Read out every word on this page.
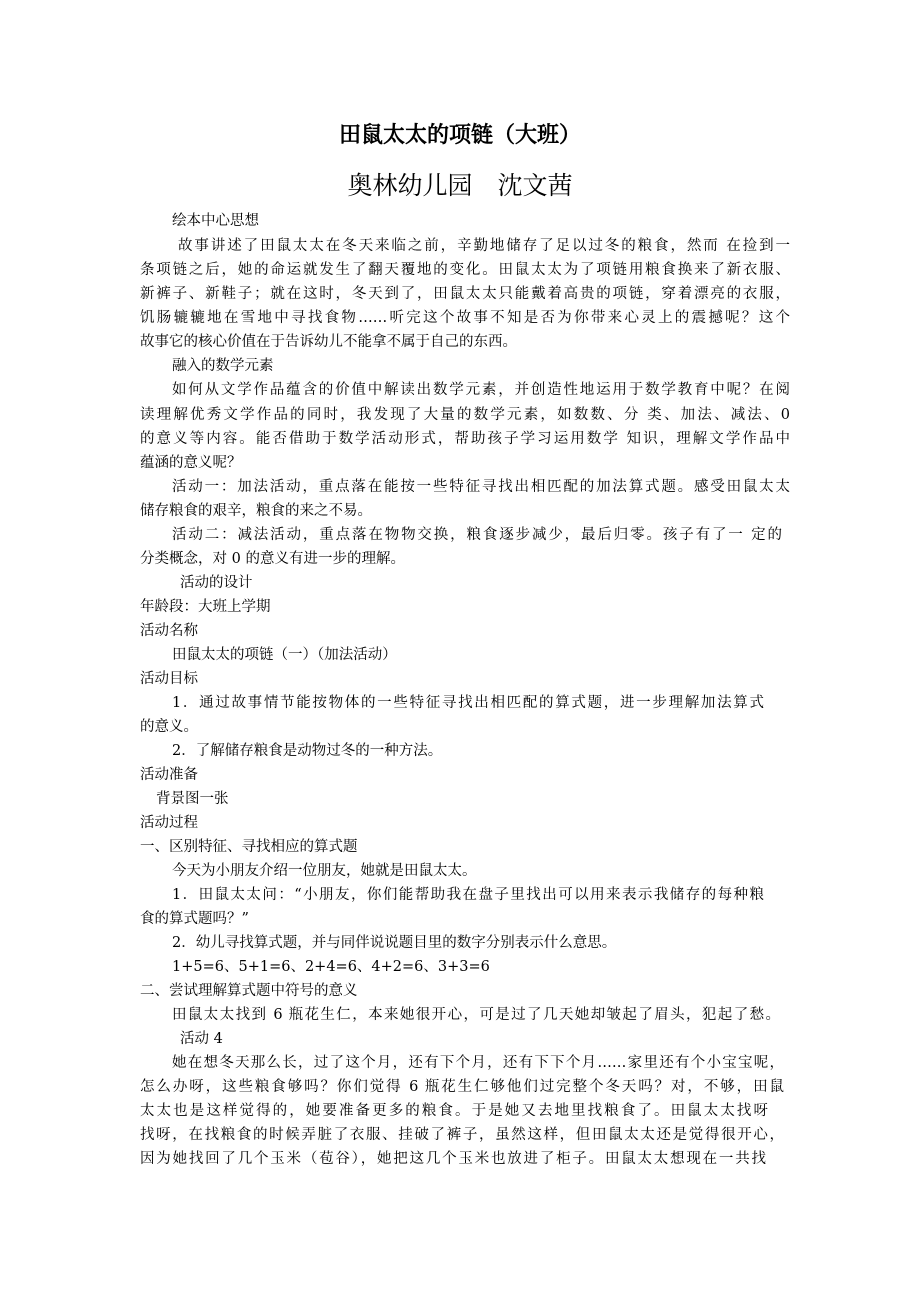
田鼠太太的项链（大班）
奥林幼儿园　沈文茜
绘本中心思想
故事讲述了田鼠太太在冬天来临之前，辛勤地储存了足以过冬的粮食，然而 在捡到一
条项链之后，她的命运就发生了翻天覆地的变化。田鼠太太为了项链用粮食换来了新衣服、
新裤子、新鞋子；就在这时，冬天到了，田鼠太太只能戴着高贵的项链，穿着漂亮的衣服，
饥肠辘辘地在雪地中寻找食物……听完这个故事不知是否为你带来心灵上的震撼呢？这个
故事它的核心价值在于告诉幼儿不能拿不属于自己的东西。
融入的数学元素
如何从文学作品蕴含的价值中解读出数学元素，并创造性地运用于数学教育中呢？在阅
读理解优秀文学作品的同时，我发现了大量的数学元素，如数数、分 类、加法、减法、0
的意义等内容。能否借助于数学活动形式，帮助孩子学习运用数学 知识，理解文学作品中
蕴涵的意义呢？
活动一：加法活动，重点落在能按一些特征寻找出相匹配的加法算式题。感受田鼠太太
储存粮食的艰辛，粮食的来之不易。
活动二：减法活动，重点落在物物交换，粮食逐步减少，最后归零。孩子有了一 定的
分类概念，对 0 的意义有进一步的理解。
活动的设计
年龄段：大班上学期
活动名称
田鼠太太的项链（一）（加法活动）
活动目标
1．通过故事情节能按物体的一些特征寻找出相匹配的算式题，进一步理解加法算式
的意义。
2．了解储存粮食是动物过冬的一种方法。
活动准备
背景图一张
活动过程
一、区别特征、寻找相应的算式题
今天为小朋友介绍一位朋友，她就是田鼠太太。
1．田鼠太太问：“小朋友，你们能帮助我在盘子里找出可以用来表示我储存的每种粮
食的算式题吗？”
2．幼儿寻找算式题，并与同伴说说题目里的数字分别表示什么意思。
1+5=6、5+1=6、2+4=6、4+2=6、3+3=6
二、尝试理解算式题中符号的意义
田鼠太太找到 6 瓶花生仁，本来她很开心，可是过了几天她却皱起了眉头，犯起了愁。
活动 4
她在想冬天那么长，过了这个月，还有下个月，还有下下个月……家里还有个小宝宝呢，
怎么办呀，这些粮食够吗？你们觉得 6 瓶花生仁够他们过完整个冬天吗？对，不够，田鼠
太太也是这样觉得的，她要准备更多的粮食。于是她又去地里找粮食了。田鼠太太找呀
找呀，在找粮食的时候弄脏了衣服、挂破了裤子，虽然这样，但田鼠太太还是觉得很开心，
因为她找回了几个玉米（苞谷），她把这几个玉米也放进了柜子。田鼠太太想现在一共找
